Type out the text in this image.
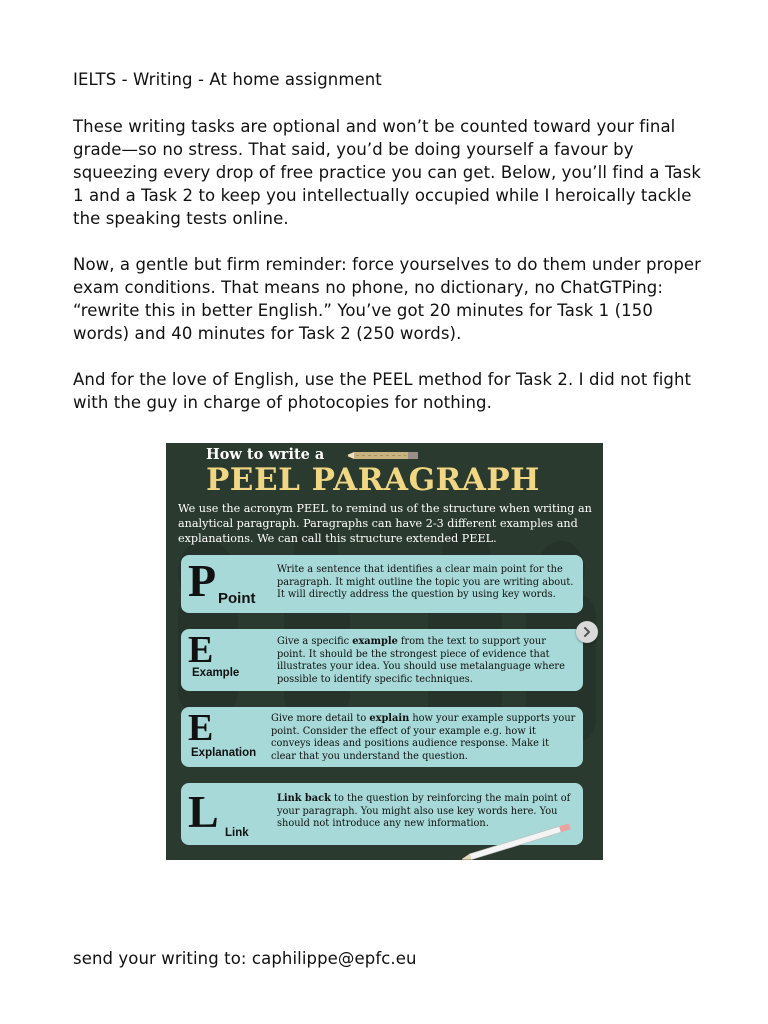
IELTS - Writing - At home assignment
These writing tasks are optional and won’t be counted toward your final grade—so no stress. That said, you’d be doing yourself a favour by squeezing every drop of free practice you can get. Below, you’ll find a Task 1 and a Task 2 to keep you intellectually occupied while I heroically tackle the speaking tests online.
Now, a gentle but firm reminder: force yourselves to do them under proper exam conditions. That means no phone, no dictionary, no ChatGTPing: “rewrite this in better English.” You’ve got 20 minutes for Task 1 (150 words) and 40 minutes for Task 2 (250 words).
And for the love of English, use the PEEL method for Task 2. I did not fight with the guy in charge of photocopies for nothing.
How to write a
PEEL PARAGRAPH
We use the acronym PEEL to remind us of the structure when writing an analytical paragraph. Paragraphs can have 2-3 different examples and explanations. We can call this structure extended PEEL.
P Point
Write a sentence that identifies a clear main point for the paragraph. It might outline the topic you are writing about. It will directly address the question by using key words.
E
Example
Give a specific example from the text to support your point. It should be the strongest piece of evidence that illustrates your idea. You should use metalanguage where possible to identify specific techniques.
E
Explanation
Give more detail to explain how your example supports your point. Consider the effect of your example e.g. how it conveys ideas and positions audience response. Make it clear that you understand the question.
L Link
Link back to the question by reinforcing the main point of your paragraph. You might also use key words here. You should not introduce any new information.
send your writing to: caphilippe@epfc.eu
